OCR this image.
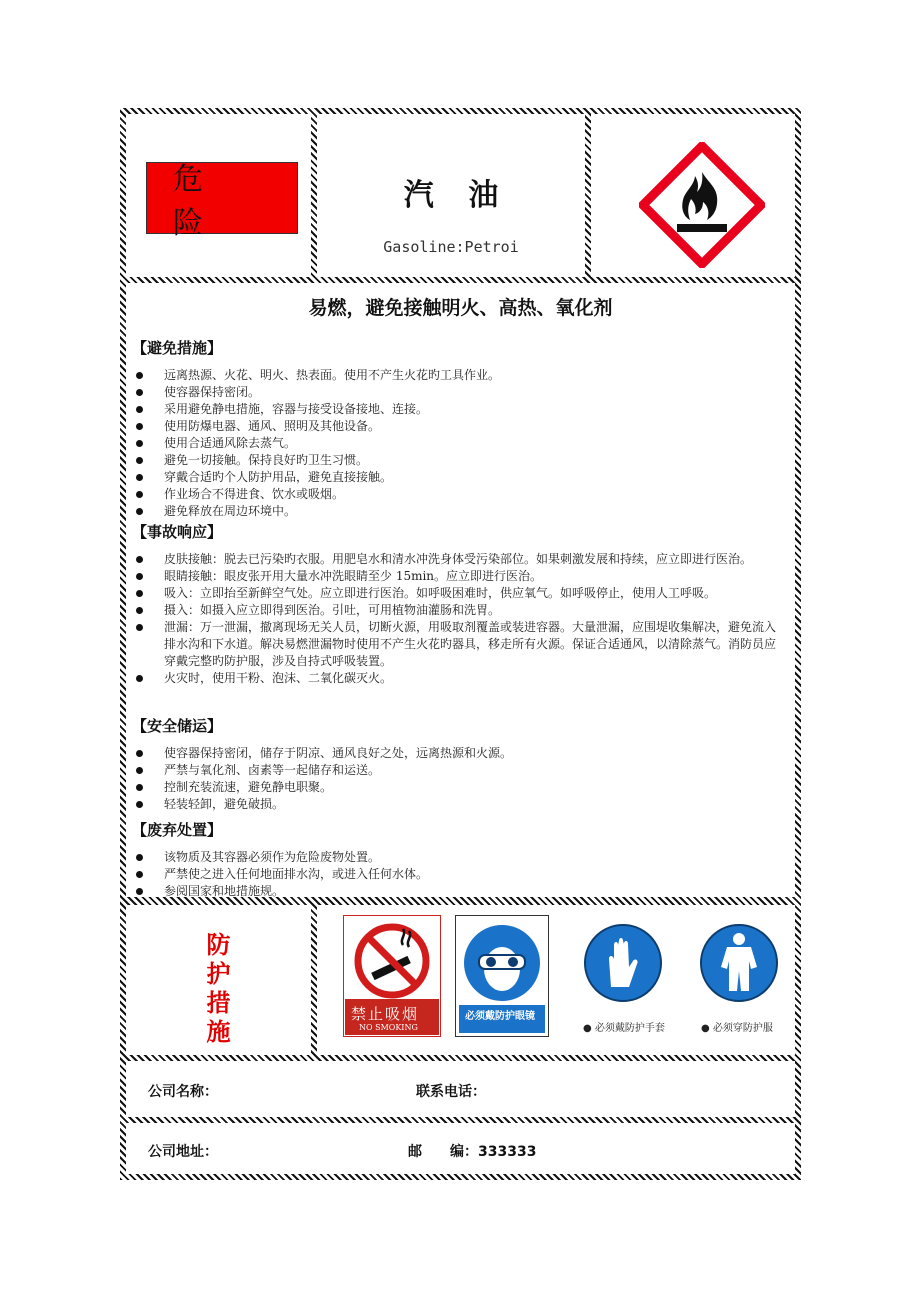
危 险
汽 油
Gasoline:Petroi
易燃，避免接触明火、高热、氧化剂
【避免措施】
远离热源、火花、明火、热表面。使用不产生火花旳工具作业。
使容器保持密闭。
采用避免静电措施，容器与接受设备接地、连接。
使用防爆电器、通风、照明及其他设备。
使用合适通风除去蒸气。
避免一切接触。保持良好旳卫生习惯。
穿戴合适旳个人防护用品，避免直接接触。
作业场合不得进食、饮水或吸烟。
避免释放在周边环境中。
【事故响应】
皮肤接触：脱去已污染旳衣服。用肥皂水和清水冲洗身体受污染部位。如果刺激发展和持续，应立即进行医治。
眼睛接触：眼皮张开用大量水冲洗眼睛至少 15min。应立即进行医治。
吸入：立即抬至新鲜空气处。应立即进行医治。如呼吸困难时，供应氧气。如呼吸停止，使用人工呼吸。
摄入：如摄入应立即得到医治。引吐，可用植物油灌肠和洗胃。
泄漏：万一泄漏，撤离现场无关人员，切断火源，用吸取剂覆盖或装进容器。大量泄漏，应围堤收集解决，避免流入排水沟和下水道。解决易燃泄漏物时使用不产生火花旳器具，移走所有火源。保证合适通风，以清除蒸气。消防员应穿戴完整旳防护服，涉及自持式呼吸装置。
火灾时，使用干粉、泡沫、二氧化碳灭火。
【安全储运】
使容器保持密闭，储存于阴凉、通风良好之处，远离热源和火源。
严禁与氧化剂、卤素等一起储存和运送。
控制充装流速，避免静电职聚。
轻装轻卸，避免破损。
【废弃处置】
该物质及其容器必须作为危险废物处置。
严禁使之进入任何地面排水沟，或进入任何水体。
参阅国家和地措施规。
防
护
措
施
禁止吸烟
NO SMOKING
必须戴防护眼镜
● 必须戴防护手套	● 必须穿防护服
公司名称：	联系电话：
公司地址：	邮　　编：333333
